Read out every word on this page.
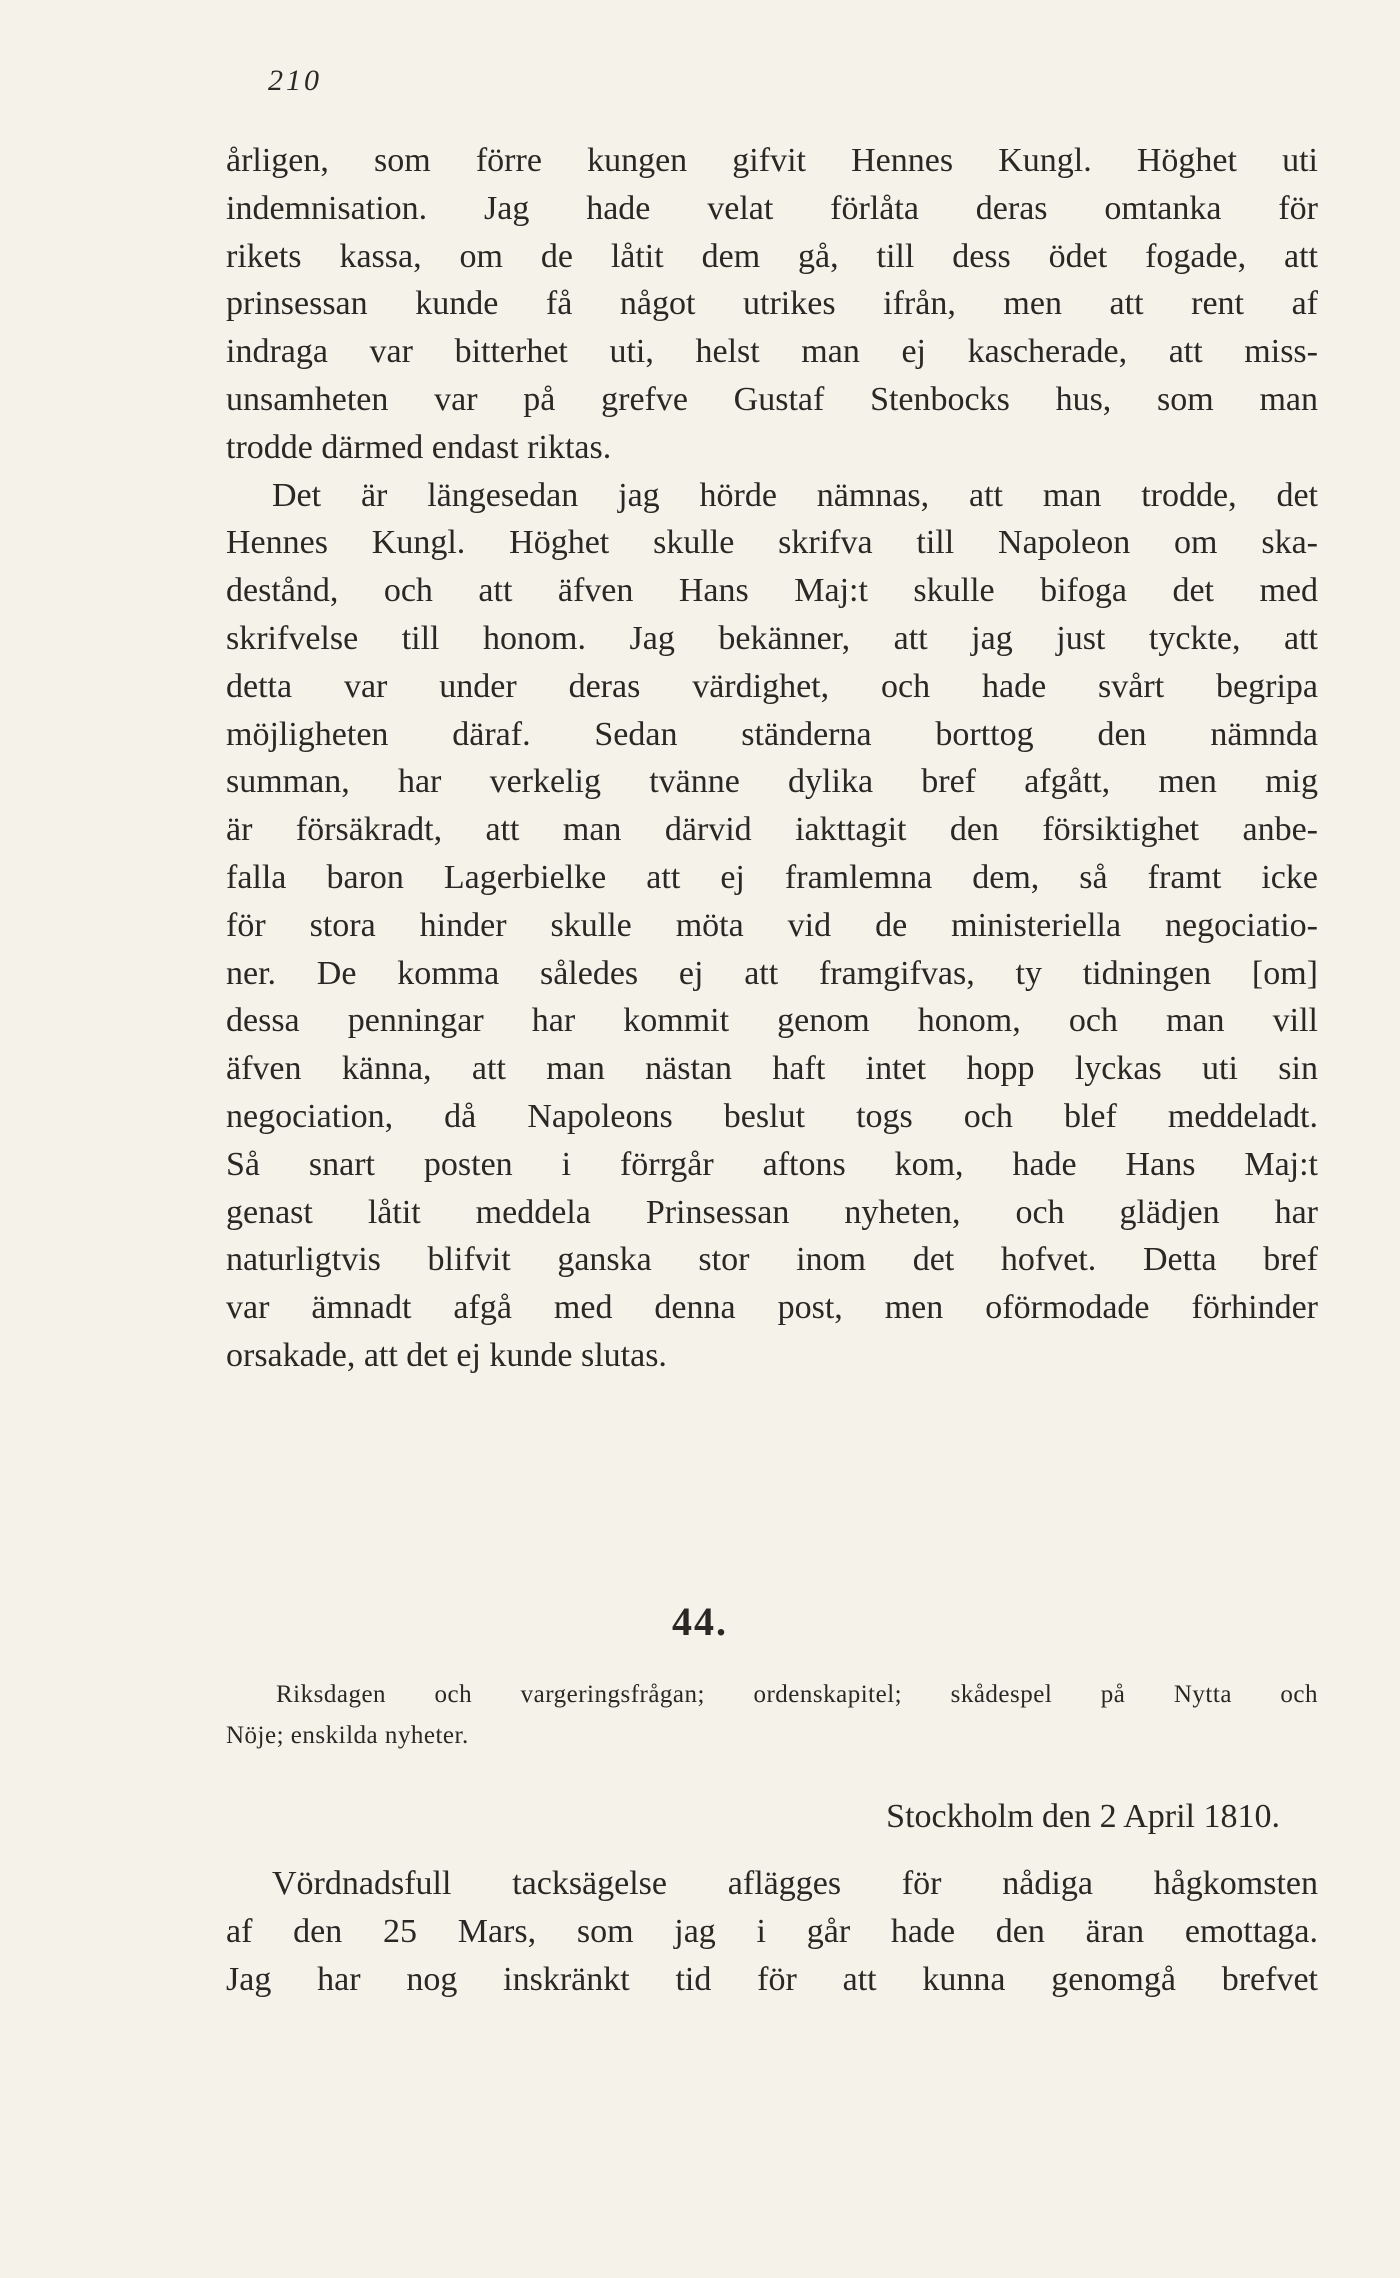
210
årligen, som förre kungen gifvit Hennes Kungl. Höghet uti
indemnisation. Jag hade velat förlåta deras omtanka för
rikets kassa, om de låtit dem gå, till dess ödet fogade, att
prinsessan kunde få något utrikes ifrån, men att rent af
indraga var bitterhet uti, helst man ej kascherade, att miss-
unsamheten var på grefve Gustaf Stenbocks hus, som man
trodde därmed endast riktas.
Det är längesedan jag hörde nämnas, att man trodde, det
Hennes Kungl. Höghet skulle skrifva till Napoleon om ska-
destånd, och att äfven Hans Maj:t skulle bifoga det med
skrifvelse till honom. Jag bekänner, att jag just tyckte, att
detta var under deras värdighet, och hade svårt begripa
möjligheten däraf. Sedan ständerna borttog den nämnda
summan, har verkelig tvänne dylika bref afgått, men mig
är försäkradt, att man därvid iakttagit den försiktighet anbe-
falla baron Lagerbielke att ej framlemna dem, så framt icke
för stora hinder skulle möta vid de ministeriella negociatio-
ner. De komma således ej att framgifvas, ty tidningen [om]
dessa penningar har kommit genom honom, och man vill
äfven känna, att man nästan haft intet hopp lyckas uti sin
negociation, då Napoleons beslut togs och blef meddeladt.
Så snart posten i förrgår aftons kom, hade Hans Maj:t
genast låtit meddela Prinsessan nyheten, och glädjen har
naturligtvis blifvit ganska stor inom det hofvet. Detta bref
var ämnadt afgå med denna post, men oförmodade förhinder
orsakade, att det ej kunde slutas.
44.
Riksdagen och vargeringsfrågan; ordenskapitel; skådespel på Nytta och
Nöje; enskilda nyheter.
Stockholm den 2 April 1810.
Vördnadsfull tacksägelse aflägges för nådiga hågkomsten
af den 25 Mars, som jag i går hade den äran emottaga.
Jag har nog inskränkt tid för att kunna genomgå brefvet
